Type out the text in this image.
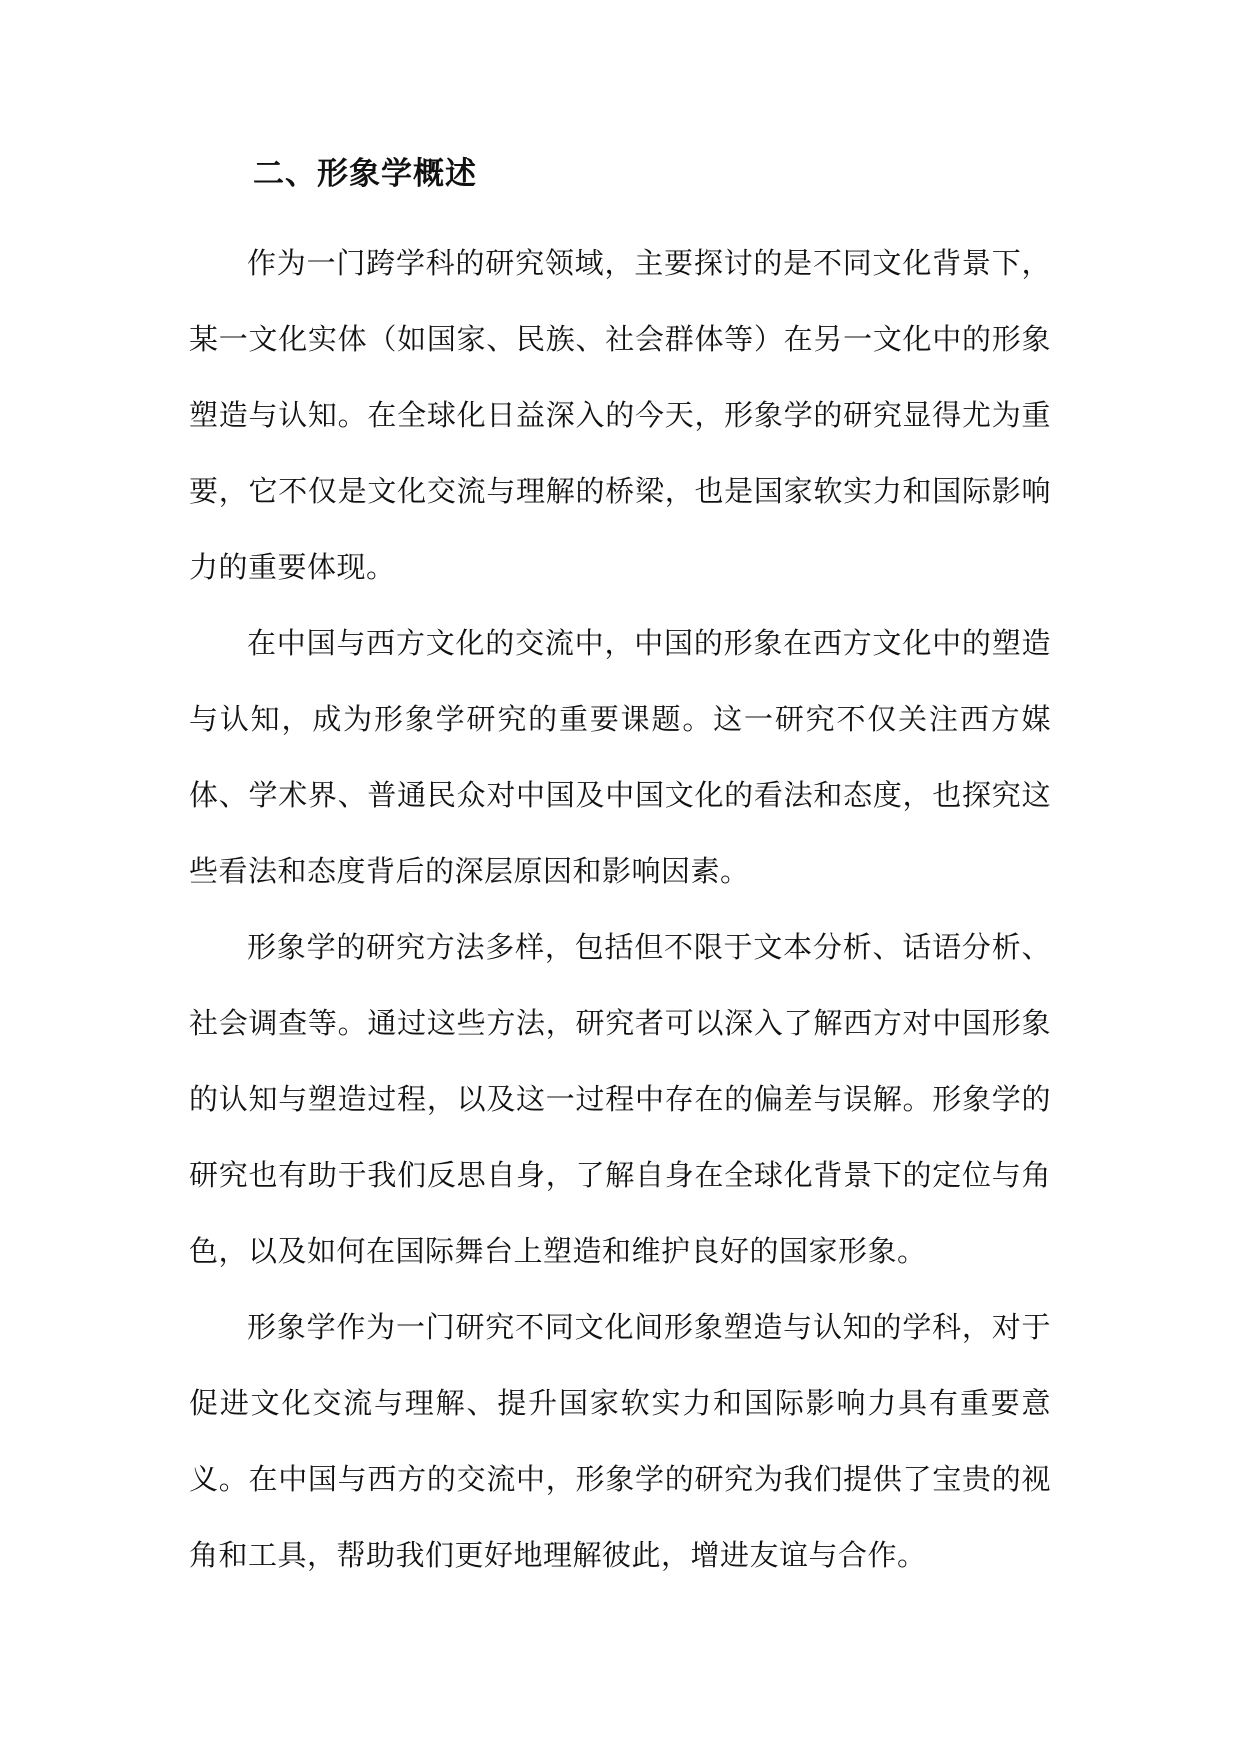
二、形象学概述

作为一门跨学科的研究领域，主要探讨的是不同文化背景下，某一文化实体（如国家、民族、社会群体等）在另一文化中的形象塑造与认知。在全球化日益深入的今天，形象学的研究显得尤为重要，它不仅是文化交流与理解的桥梁，也是国家软实力和国际影响力的重要体现。

在中国与西方文化的交流中，中国的形象在西方文化中的塑造与认知，成为形象学研究的重要课题。这一研究不仅关注西方媒体、学术界、普通民众对中国及中国文化的看法和态度，也探究这些看法和态度背后的深层原因和影响因素。

形象学的研究方法多样，包括但不限于文本分析、话语分析、社会调查等。通过这些方法，研究者可以深入了解西方对中国形象的认知与塑造过程，以及这一过程中存在的偏差与误解。形象学的研究也有助于我们反思自身，了解自身在全球化背景下的定位与角色，以及如何在国际舞台上塑造和维护良好的国家形象。

形象学作为一门研究不同文化间形象塑造与认知的学科，对于促进文化交流与理解、提升国家软实力和国际影响力具有重要意义。在中国与西方的交流中，形象学的研究为我们提供了宝贵的视角和工具，帮助我们更好地理解彼此，增进友谊与合作。
